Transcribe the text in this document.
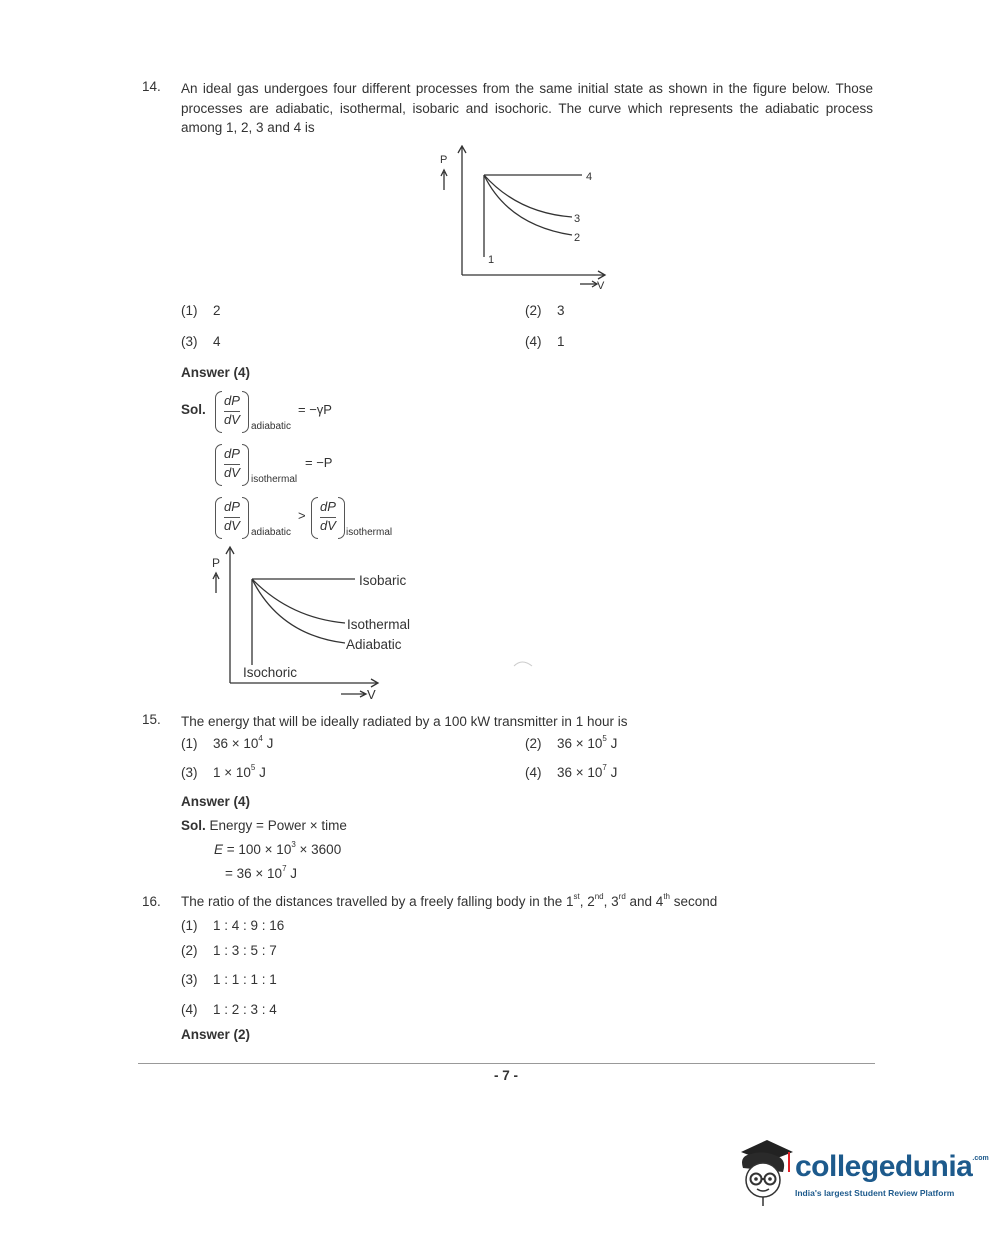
14. An ideal gas undergoes four different processes from the same initial state as shown in the figure below. Those processes are adiabatic, isothermal, isobaric and isochoric. The curve which represents the adiabatic process among 1, 2, 3 and 4 is
P
V
1
2
3
4
(1) 2	(2) 3
(3) 4	(4) 1
Answer (4)
Sol.
dP
dV	adiabatic
= −γP
dP
dV	isothermal
= −P
dP
dV	adiabatic
>
dP
dV	isothermal
P
V
Isobaric
Isothermal
Adiabatic
Isochoric
15. The energy that will be ideally radiated by a 100 kW transmitter in 1 hour is
(1) $36 \times 10^4$ J	(2) $36 \times 10^5$ J
(3) $1 \times 10^5$ J	(4) $36 \times 10^7$ J
Answer (4)
Sol. Energy = Power × time
$E = 100 \times 10^3 \times 3600$
= $36 \times 10^7$ J
16. The ratio of the distances travelled by a freely falling body in the 1st, 2nd, 3rd and 4th second
(1) 1 : 4 : 9 : 16
(2) 1 : 3 : 5 : 7
(3) 1 : 1 : 1 : 1
(4) 1 : 2 : 3 : 4
Answer (2)
- 7 -
collegedunia$^{.com}$
India's largest Student Review Platform
